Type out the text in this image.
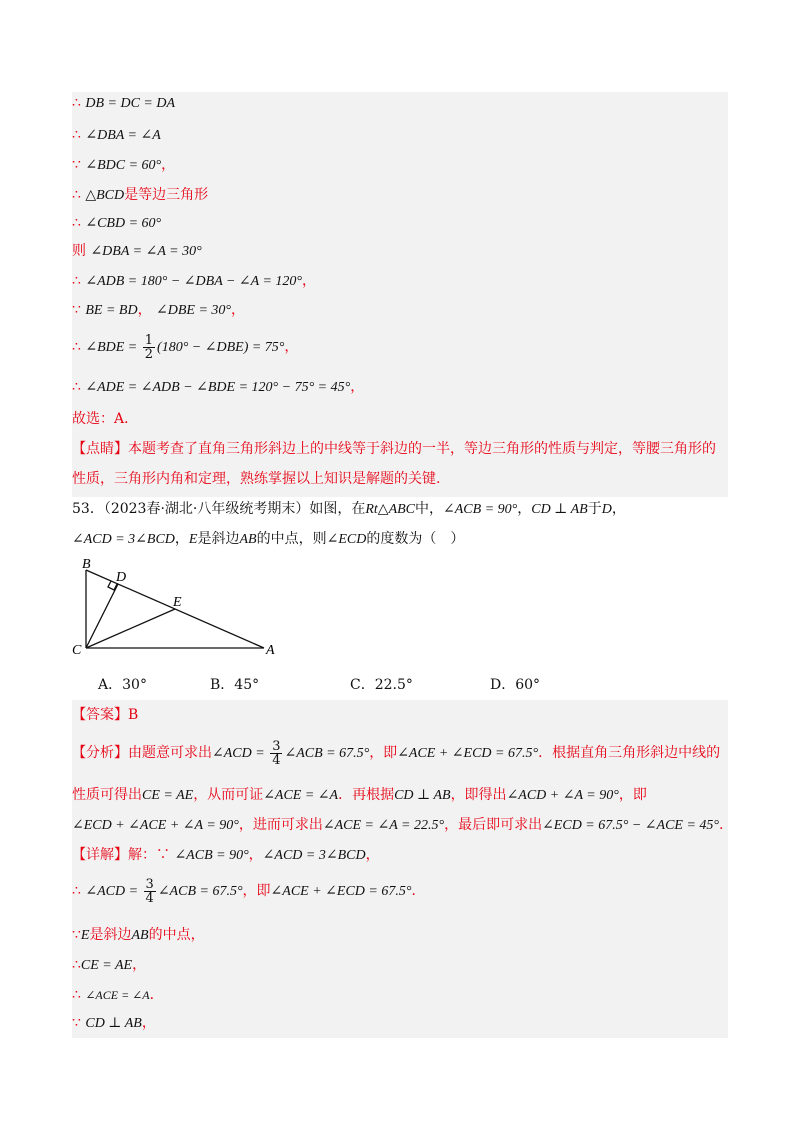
∴ DB = DC = DA
∴ ∠DBA = ∠A
∵ ∠BDC = 60°，
∴ △BCD是等边三角形
∴ ∠CBD = 60°
则 ∠DBA = ∠A = 30°
∴ ∠ADB = 180° − ∠DBA − ∠A = 120°，
∵ BE = BD， ∠DBE = 30°，
∴ ∠BDE = $\frac{1}{2} (180^\circ$ − ∠DBE) = 75°，
∴ ∠ADE = ∠ADB − ∠BDE = 120° − 75° = 45°，
故选：A．
【点睛】本题考查了直角三角形斜边上的中线等于斜边的一半，等边三角形的性质与判定，等腰三角形的
性质，三角形内角和定理，熟练掌握以上知识是解题的关键.
53．（2023春·湖北·八年级统考期末）如图，在Rt△ABC中，∠ACB = 90°，CD ⊥ AB于D，
∠ACD = 3∠BCD，E是斜边AB的中点，则∠ECD的度数为（　）
B
D
E
C	A
A．30°	B．45°	C．22.5°	D．60°
【答案】B
【分析】由题意可求出∠ACD = $\frac{3}{4}$ ∠ACB = 67.5°，即∠ACE + ∠ECD = 67.5°．根据直角三角形斜边中线的
性质可得出CE = AE，从而可证∠ACE = ∠A．再根据CD ⊥ AB，即得出∠ACD + ∠A = 90°，即
∠ECD + ∠ACE + ∠A = 90°，进而可求出∠ACE = ∠A = 22.5°，最后即可求出∠ECD = 67.5° − ∠ACE = 45°.
【详解】解：∵ ∠ACB = 90°，∠ACD = 3∠BCD，
∴ ∠ACD = $\frac{3}{4}$ ∠ACB = 67.5°，即∠ACE + ∠ECD = 67.5°．
∵E是斜边AB的中点，
∴CE = AE，
∴ ∠ACE = ∠A．
∵ CD ⊥ AB，
